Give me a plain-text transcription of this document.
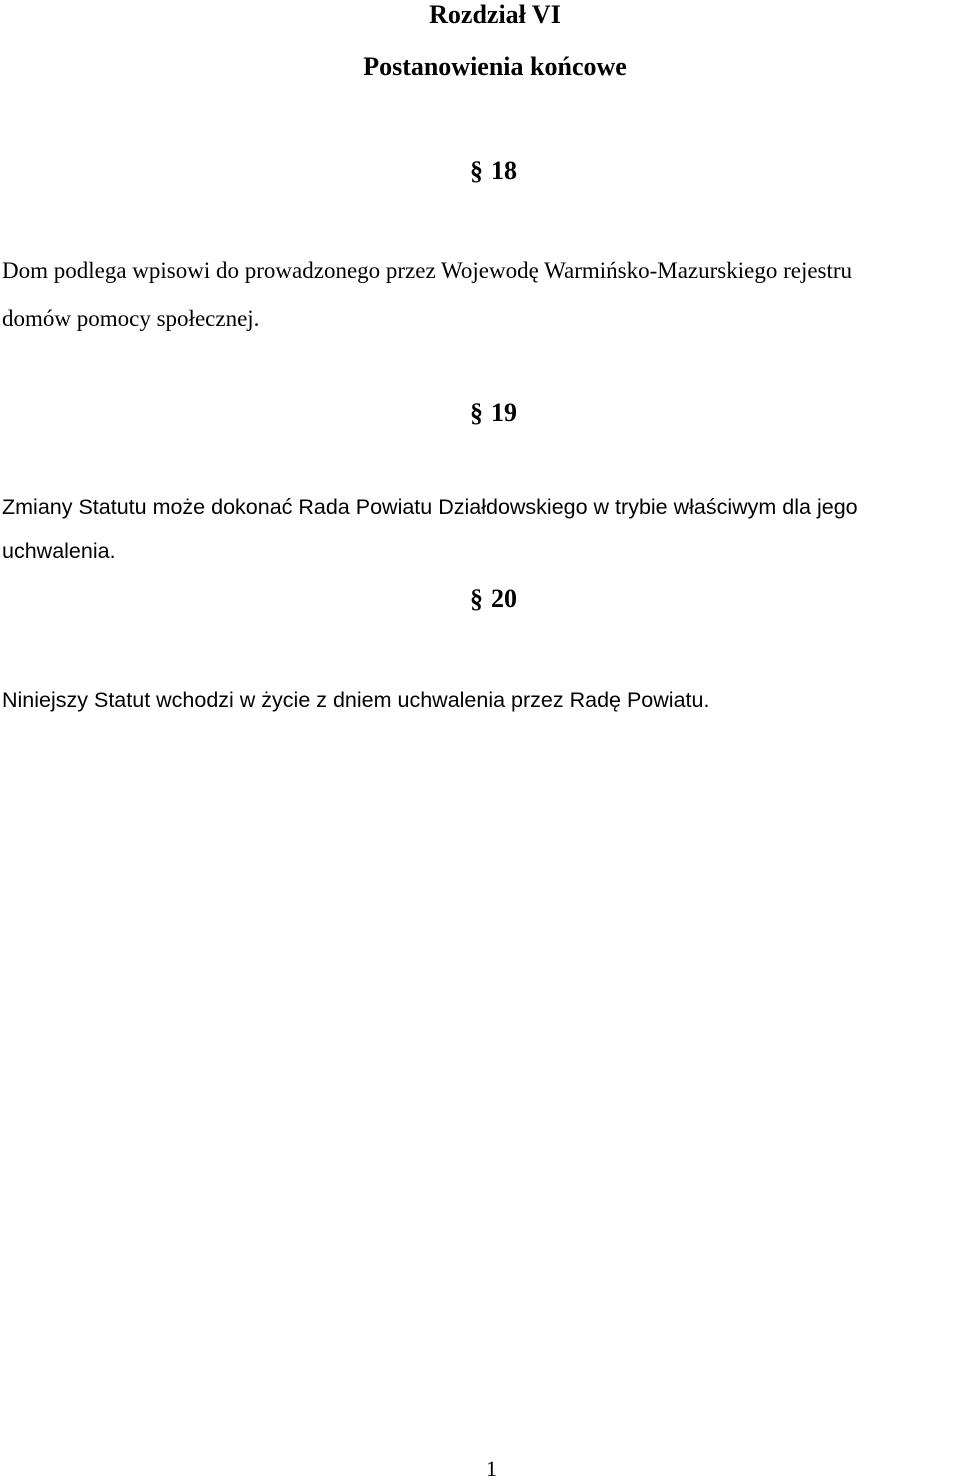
Rozdział VI
Postanowienia końcowe
§ 18
Dom podlega wpisowi do prowadzonego przez Wojewodę Warmińsko-Mazurskiego rejestru
domów pomocy społecznej.
§ 19
Zmiany Statutu może dokonać Rada Powiatu Działdowskiego w trybie właściwym dla jego
uchwalenia.
§ 20
Niniejszy Statut wchodzi w życie z dniem uchwalenia przez Radę Powiatu.
1
